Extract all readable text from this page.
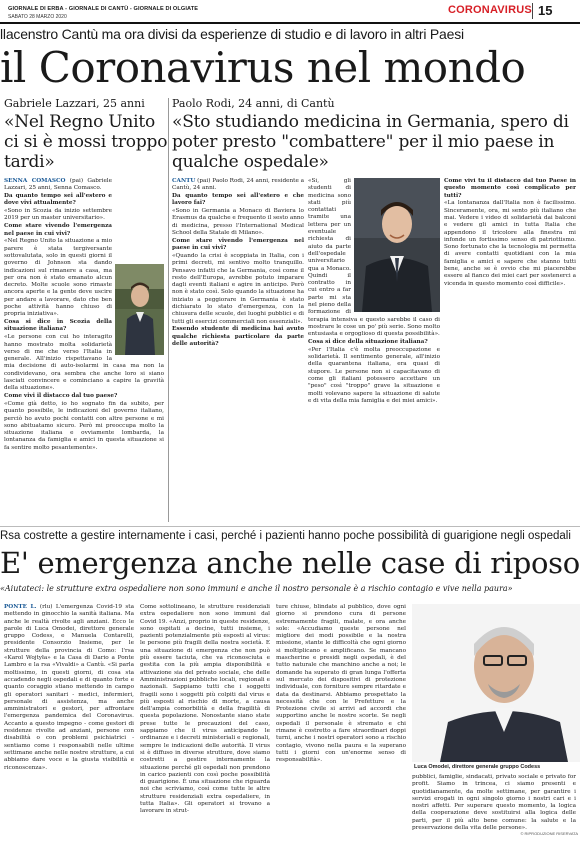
GIORNALE DI ERBA - GIORNALE DI CANTÙ - GIORNALE DI OLGIATE
SABATO 28 MARZO 2020
CORONAVIRUS 15
llacenstro Cantù ma ora divisi da esperienze di studio e di lavoro in altri Paesi
il Coronavirus nel mondo
Gabriele Lazzari, 25 anni
«Nel Regno Unito ci si è mossi troppo tardi»

SENNA COMASCO (pai) Gabriele Lazzari, 25 anni, Senna Comasco.

Da quanto tempo sei all'estero e dove vivi attualmente?

«Sono in Scozia da inizio settembre 2019 per un master universitario».

Come stare vivendo l'emergenza nel paese in cui vivi?

«Nel Regno Unito la situazione a mio parere è stata tergiversante sottovalutata, solo in questi giorni il governo di Johnson sta dando indicazioni sul rimanere a casa, ma per ora non è stato emanato alcun decreto. Molte scuole sono rimaste ancora aperte e la gente deve uscire per andare a lavorare, dato che ben poche attività hanno chiuso di propria iniziativa».

Cosa si dice in Scozia della situazione italiana?

«Le persone con cui ho interagito hanno mostrato molta solidarietà verso di me che verso l'Italia in generale. All'inizio rispettavano la mia decisione di auto-isolarmi in casa ma non la condividevano, ora sembra che anche loro si siano lasciati convincere e cominciano a capire la gravità della situazione».

Come vivi il distacco dal tuo paese?

«Come già detto, io ho sognato fin da subito, per quanto possibile, le indicazioni del governo italiano, perciò ho avuto pochi contatti con altre persone e mi sono abituatamo sicuro. Però mi preoccupa molto la situazione italiana e ovviamente lombarda, la lontananza da famiglia e amici in questa situazione si fa sentire molto pesantemente».

Paolo Rodi, 24 anni, di Cantù
«Sto studiando medicina in Germania, spero di poter presto "combattere" per il mio paese in qualche ospedale»

CANTÙ (pai) Paolo Rodi, 24 anni, residente a Cantù, 24 anni.

Da quanto tempo sei all'estero e che lavoro fai?

«Sono in Germania a Monaco di Baviera lo Erasmus da qualche e frequento il sesto anno di medicina, presso l'International Medical School della Statale di Milano».

Come stare vivendo l'emergenza nel paese in cui vivi?

«Quando la crisi è scoppiata in Italia, con i primi decreti, mi sentivo molto tranquillo. Pensavo infatti che la Germania, così come il resto dell'Europa, avrebbe potuto imparare dagli eventi italiani e agire in anticipo. Però non è stato così. Solo quando la situazione ha iniziato a peggiorare in Germania è stato dichiarato lo stato d'emergenza, con la chiusura delle scuole, dei luoghi pubblici e di tutti gli esercizi commerciali non essenziali».

Essendo studente di medicina hai avuto qualche richiesta particolare da parte delle autorità?

«Sì, gli studenti di medicina sono stati più contattati tramite una lettera per un eventuale richiesta di aiuto da parte dell'ospedale universitario qua a Monaco. Quindi il contratto in cui entro a far parte mi sta nel pieno della formazione di terapia intensiva e questo sarebbe il caso di mostrare le cose un po' più serie. Sono molto entusiasta e orgoglioso di questa possibilità».

Cosa si dice della situazione italiana?

«Per l'Italia c'è molta preoccupazione e solidarietà. Il sentimento generale, all'inizio della quarantena italiana, era quasi di stupore. Le persone non si capacitavano di come gli italiani potessero accettare un "peso" così "troppo" grave la situazione e molti volevano sapere la situazione di salute e di vita della mia famiglia e dei miei amici».

Come vivi tu il distacco dal tuo Paese in questo momento così complicato per tutti?

«La lontananza dall'Italia non è facilissimo. Sinceramente, ora, mi sento più italiano che mai. Vedere i video di solidarietà dai balconi e vedere gli amici in tutta Italia che appendono il tricolore alla finestra mi infonde un fortissimo senso di patriottismo. Sono fortunato che la tecnologia mi permetta di avere contatti quotidiani con la mia famiglia e amici e sapere che stanno tutti bene, anche se è ovvio che mi piacerebbe essere al fianco dei miei cari per sostenerci a vicenda in questo momento così difficile».

Rsa costrette a gestire internamente i casi, perché i pazienti hanno poche possibilità di guarigione negli ospedali
E' emergenza anche nelle case di riposo
«Aiutateci: le strutture extra ospedaliere non sono immuni e anche il nostro personale è a rischio contagio e vive nella paura»

PONTE L. (rlu) L'emergenza Covid-19 sta mettendo in ginocchio la sanità italiana. Ma anche le realtà rivolte agli anziani. Ecco le parole di Luca Omodei, direttore generale gruppo Codess, e Manuela Contarelli, presidente Consorzio Insieme, per le strutture della provincia di Como: l'rsa «Karol Wojtyła» e la Casa di Dario a Ponte Lambro e la rsa «Vivaldi» a Cantù. «Si parla moltissimo, in questi giorni, di cosa sta accadendo negli ospedali e di quanto forte e quanto coraggio stiano mettendo in campo gli operatori sanitari - medici, infermieri, personale di assistenza, ma anche amministratori e gestori, per affrontare l'emergenza pandemica del Coronavirus. Accanto a questo impegno - come gestori di residenze rivolte ad anziani, persone con disabilità o con problemi psichiatrici - sentiamo come i responsabili nelle ultime settimane anche nelle nostre strutture, a cui abbiamo dare voce e la giusta visibilità e riconoscenza».

Come sottolineano, le strutture residenziali extra ospedaliere non sono immuni dal Covid 19. «Anzi, proprio in queste residenze, sono ospitati a decine, tutti insieme, i pazienti potenzialmente più esposti al virus: le persone più fragili della nostra società. E una situazione di emergenza che non può più essere taciuta, che va riconosciuta e gestita con la più ampia disponibilità e attivazione sia del privato sociale, che delle Amministrazioni pubbliche locali, regionali e nazionali. Sappiamo tutti che i soggetti fragili sono i soggetti più colpiti dal virus e più esposti al rischio di morte, a causa dell'ampia comorbilità e della fragilità di questa popolazione. Nonostante siano state prese tutte le precauzioni del caso, sappiamo che il virus anticipando le ordinanze e i decreti ministeriali e regionali, sempre le indicazioni delle autorità. Il virus si è diffuso in diverse strutture, dove siamo costretti a gestire internamente la situazione perché gli ospedali non prendono in carico pazienti con così poche possibilità di guarigione. È una situazione che riguarda noi che scriviamo, così come tutte le altre strutture residenziali extra ospedaliere, in tutta Italia». Gli operatori si trovano a lavorare in strut-

ture chiuse, blindate al pubblico, dove ogni giorno si prendono cura di persone estremamente fragili, malate, e ora anche sole: «Accudiamo queste persone nel migliore dei modi possibile e la nostra missione, stante le difficoltà che ogni giorno si moltiplicano e amplificano. Se mancano mascherine e presidi negli ospedali, è del tutto naturale che manchino anche a noi; le domande ha superato di gran lunga l'offerta sul mercato dei dispositivi di protezione individuale, con forniture sempre ritardate e data da destinarsi. Abbiamo prospettato la necessità che con le Prefetture e la Protezione civile si arrivi ad accordi che supportino anche le nostre scorte. Se negli ospedali il personale è stremato e chi rimane è costretto a fare straordinari doppi turni, anche i nostri operatori sono a rischio contagio, vivono nella paura e la superano tutti i giorni con un'enorme senso di responsabilità».

Luca Omodei, direttore generale gruppo Codess

pubblici, famiglie, sindacati, privato sociale e privato for profit. Siamo in trincea, ci siamo presenti e quotidianamente, da molte settimane, per garantire i servizi erogati in ogni singolo giorno i nostri cari e i nostri affetti. Per superare questo momento, la logica della cooperazione deve sostituirsi alla logica delle parti, per il più alto bene comune: la salute e la preservazione della vita delle persone».

© RIPRODUZIONE RISERVATA
